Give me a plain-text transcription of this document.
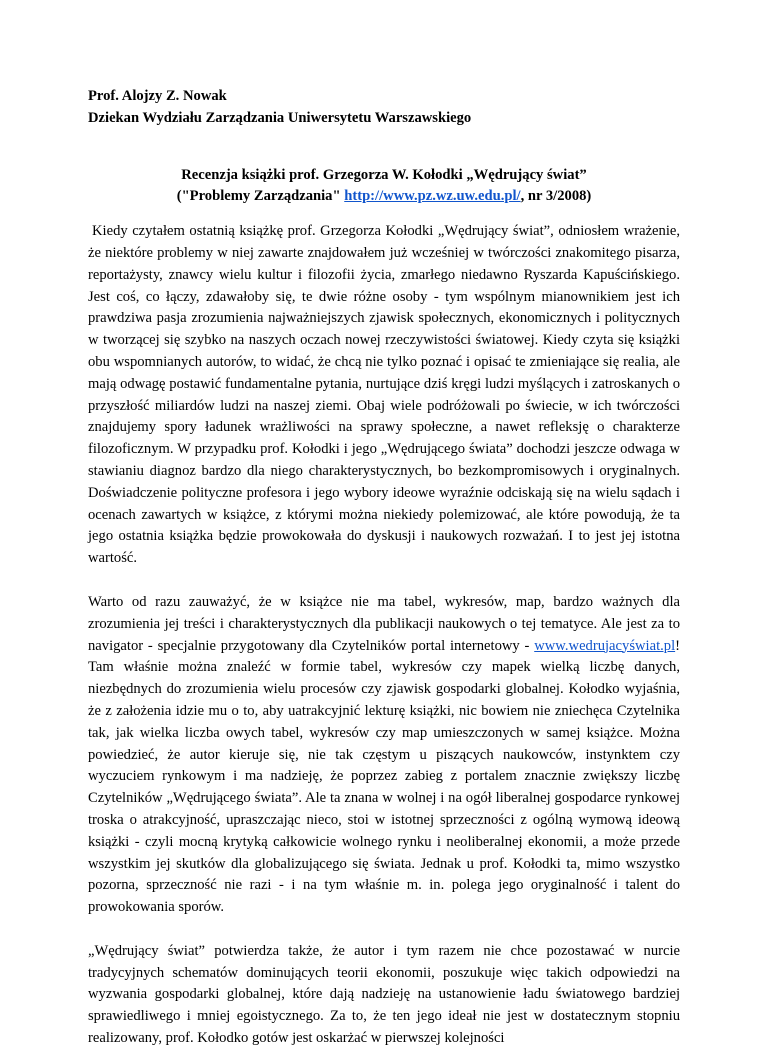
Prof. Alojzy Z. Nowak

Dziekan Wydziału Zarządzania Uniwersytetu Warszawskiego

Recenzja książki prof. Grzegorza W. Kołodki „Wędrujący świat”
("Problemy Zarządzania" http://www.pz.wz.uw.edu.pl/, nr 3/2008)

Kiedy czytałem ostatnią książkę prof. Grzegorza Kołodki „Wędrujący świat”, odniosłem wrażenie, że niektóre problemy w niej zawarte znajdowałem już wcześniej w twórczości znakomitego pisarza, reportażysty, znawcy wielu kultur i filozofii życia, zmarłego niedawno Ryszarda Kapuścińskiego. Jest coś, co łączy, zdawałoby się, te dwie różne osoby - tym wspólnym mianownikiem jest ich prawdziwa pasja zrozumienia najważniejszych zjawisk społecznych, ekonomicznych i politycznych w tworzącej się szybko na naszych oczach nowej rzeczywistości światowej. Kiedy czyta się książki obu wspomnianych autorów, to widać, że chcą nie tylko poznać i opisać te zmieniające się realia, ale mają odwagę postawić fundamentalne pytania, nurtujące dziś kręgi ludzi myślących i zatroskanych o przyszłość miliardów ludzi na naszej ziemi. Obaj wiele podróżowali po świecie, w ich twórczości znajdujemy spory ładunek wrażliwości na sprawy społeczne, a nawet refleksję o charakterze filozoficznym. W przypadku prof. Kołodki i jego „Wędrującego świata” dochodzi jeszcze odwaga w stawianiu diagnoz bardzo dla niego charakterystycznych, bo bezkompromisowych i oryginalnych. Doświadczenie polityczne profesora i jego wybory ideowe wyraźnie odciskają się na wielu sądach i ocenach zawartych w książce, z którymi można niekiedy polemizować, ale które powodują, że ta jego ostatnia książka będzie prowokowała do dyskusji i naukowych rozważań. I to jest jej istotna wartość.

Warto od razu zauważyć, że w książce nie ma tabel, wykresów, map, bardzo ważnych dla zrozumienia jej treści i charakterystycznych dla publikacji naukowych o tej tematyce. Ale jest za to navigator - specjalnie przygotowany dla Czytelników portal internetowy - www.wedrujacyświat.pl! Tam właśnie można znaleźć w formie tabel, wykresów czy mapek wielką liczbę danych, niezbędnych do zrozumienia wielu procesów czy zjawisk gospodarki globalnej. Kołodko wyjaśnia, że z założenia idzie mu o to, aby uatrakcyjnić lekturę książki, nic bowiem nie zniechęca Czytelnika tak, jak wielka liczba owych tabel, wykresów czy map umieszczonych w samej książce. Można powiedzieć, że autor kieruje się, nie tak częstym u piszących naukowców, instynktem czy wyczuciem rynkowym i ma nadzieję, że poprzez zabieg z portalem znacznie zwiększy liczbę Czytelników „Wędrującego świata”. Ale ta znana w wolnej i na ogół liberalnej gospodarce rynkowej troska o atrakcyjność, upraszczając nieco, stoi w istotnej sprzeczności z ogólną wymową ideową książki - czyli mocną krytyką całkowicie wolnego rynku i neoliberalnej ekonomii, a może przede wszystkim jej skutków dla globalizującego się świata. Jednak u prof. Kołodki ta, mimo wszystko pozorna, sprzeczność nie razi - i na tym właśnie m. in. polega jego oryginalność i talent do prowokowania sporów.

„Wędrujący świat” potwierdza także, że autor i tym razem nie chce pozostawać w nurcie tradycyjnych schematów dominujących teorii ekonomii, poszukuje więc takich odpowiedzi na wyzwania gospodarki globalnej, które dają nadzieję na ustanowienie ładu światowego bardziej sprawiedliwego i mniej egoistycznego. Za to, że ten jego ideał nie jest w dostatecznym stopniu realizowany, prof. Kołodko gotów jest oskarżać w pierwszej kolejności
